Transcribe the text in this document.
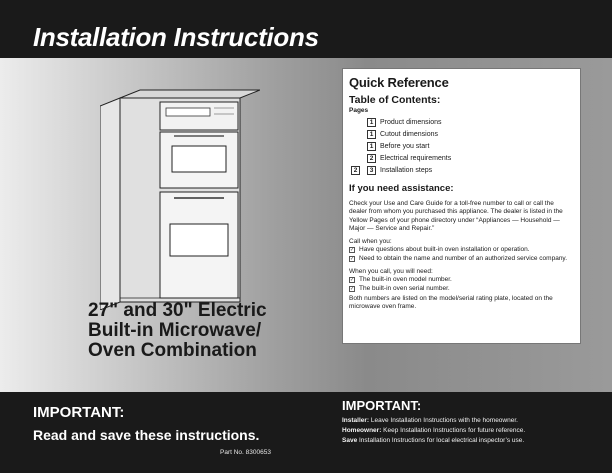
Installation Instructions
27" and 30" Electric
Built-in Microwave/
Oven Combination
Quick Reference
Table of Contents:
Pages
1 Product dimensions
1 Cutout dimensions
1 Before you start
2 Electrical requirements
2	3 Installation steps
If you need assistance:
Check your Use and Care Guide for a toll-free number to call or call the dealer from whom you purchased this appliance. The dealer is listed in the Yellow Pages of your phone directory under “Appliances — Household — Major — Service and Repair.”
Call when you:
✓ Have questions about built-in oven installation or operation.
✓ Need to obtain the name and number of an authorized service company.
When you call, you will need:
✓ The built-in oven model number.
✓ The built-in oven serial number.
Both numbers are listed on the model/serial rating plate, located on the microwave oven frame.
IMPORTANT:
Read and save these instructions.
Part No. 8300653
IMPORTANT:
Installer: Leave Installation Instructions with the homeowner.
Homeowner: Keep Installation Instructions for future reference.
Save Installation Instructions for local electrical inspector’s use.
